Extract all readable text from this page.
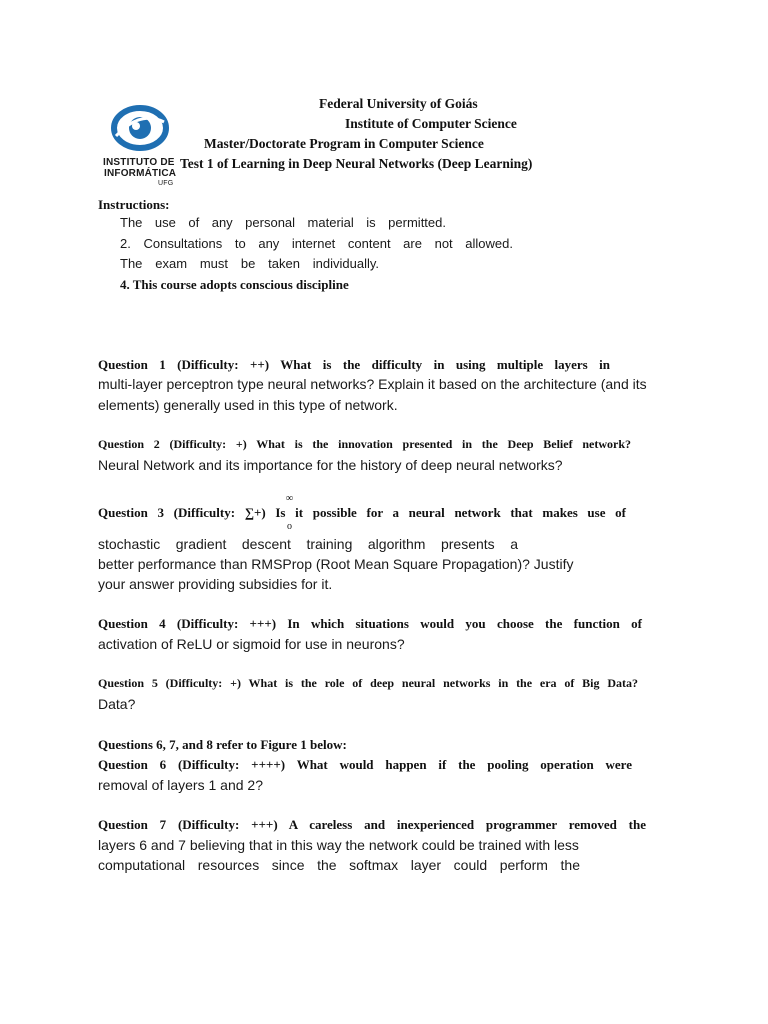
INSTITUTO DE
INFORMÁTICA
UFG
Federal University of Goiás
Institute of Computer Science
Master/Doctorate Program in Computer Science
Test 1 of Learning in Deep Neural Networks (Deep Learning)
Instructions:
The use of any personal material is permitted.
2. Consultations to any internet content are not allowed.
The exam must be taken individually.
4. This course adopts conscious discipline
Question 1 (Difficulty: ++) What is the difficulty in using multiple layers in
multi-layer perceptron type neural networks? Explain it based on the architecture (and its
elements) generally used in this type of network.
Question 2 (Difficulty: +) What is the innovation presented in the Deep Belief network?
Neural Network and its importance for the history of deep neural networks?
∞
Question 3 (Difficulty: ∑+) Is it possible for a neural network that makes use of
o
stochastic gradient descent training algorithm presents a
better performance than RMSProp (Root Mean Square Propagation)? Justify
your answer providing subsidies for it.
Question 4 (Difficulty: +++) In which situations would you choose the function of
activation of ReLU or sigmoid for use in neurons?
Question 5 (Difficulty: +) What is the role of deep neural networks in the era of Big Data?
Data?
Questions 6, 7, and 8 refer to Figure 1 below:
Question 6 (Difficulty: ++++) What would happen if the pooling operation were
removal of layers 1 and 2?
Question 7 (Difficulty: +++) A careless and inexperienced programmer removed the
layers 6 and 7 believing that in this way the network could be trained with less
computational resources since the softmax layer could perform the
